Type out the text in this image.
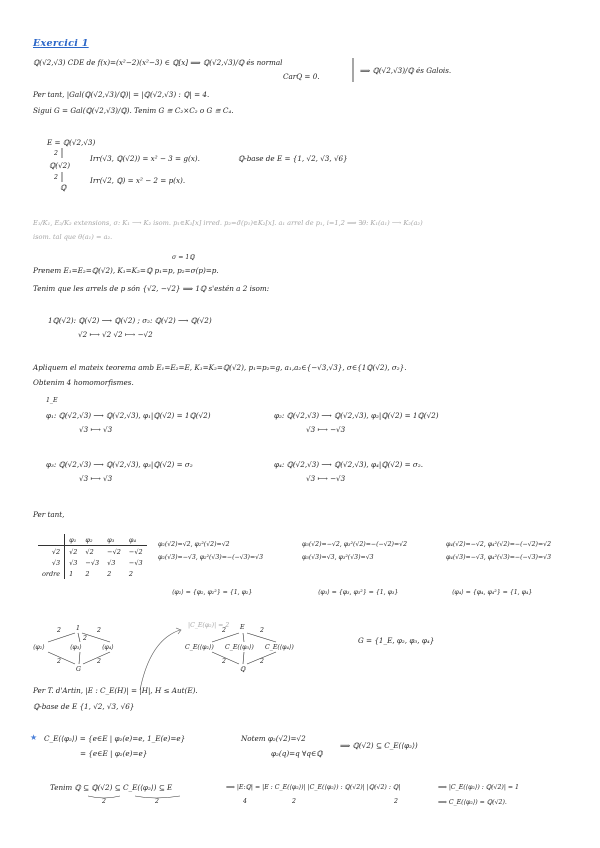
Exercici 1
ℚ(√2,√3) CDE de f(x)=(x²−2)(x²−3) ∈ ℚ[x] ⟹ ℚ(√2,√3)/ℚ és normal
CarQ = 0.
⟹ ℚ(√2,√3)/ℚ és Galois.
Per tant, |Gal(ℚ(√2,√3)/ℚ)| = |ℚ(√2,√3) : ℚ| = 4.
Sigui G = Gal(ℚ(√2,√3)/ℚ). Tenim G ≅ C₂×C₂ o G ≅ C₄.
E = ℚ(√2,√3)
2
Irr(√3, ℚ(√2)) = x² − 3 = g(x).
ℚ(√2)
2	Irr(√2, ℚ) = x² − 2 = p(x).
ℚ
ℚ-base de E = {1, √2, √3, √6}
E₁/K₁, E₂/K₂ extensions, σ: K₁ ⟶ K₂ isom. p₁∈K₁[x] irred. p₂=σ̃(p₁)∈K₂[x]. a₁ arrel de p₁, i=1,2 ⟹ ∃θ: K₁(a₁) ⟶ K₂(a₂)
isom. tal que θ(a₁) = a₂.
σ = 1ℚ
Prenem E₁=E₂=ℚ(√2), K₁=K₂=ℚ p₁=p, p₂=σ(p)=p.
Tenim que les arrels de p són {√2, −√2} ⟹ 1ℚ s'estén a 2 isom:
1ℚ(√2): ℚ(√2) ⟶ ℚ(√2) ; σ₂: ℚ(√2) ⟶ ℚ(√2)
√2 ⟼ √2 √2 ⟼ −√2
Apliquem el mateix teorema amb E₁=E₂=E, K₁=K₂=ℚ(√2), p₁=p₂=g, a₁,a₂∈{−√3,√3}, σ∈{1ℚ(√2), σ₂}.
Obtenim 4 homomorfismes.
1_E
φ₁: ℚ(√2,√3) ⟶ ℚ(√2,√3), φ₁|ℚ(√2) = 1ℚ(√2)
√3 ⟼ √3
φ₂: ℚ(√2,√3) ⟶ ℚ(√2,√3), φ₂|ℚ(√2) = 1ℚ(√2)
√3 ⟼ −√3
φ₃: ℚ(√2,√3) ⟶ ℚ(√2,√3), φ₃|ℚ(√2) = σ₂
√3 ⟼ √3
φ₄: ℚ(√2,√3) ⟶ ℚ(√2,√3), φ₄|ℚ(√2) = σ₂.
√3 ⟼ −√3
Per tant,
	φ₁	φ₂	φ₃	φ₄
√2	√2	√2	−√2	−√2
√3	√3	−√3	√3	−√3
ordre	1	2	2	2
φ₂(√2)=√2, φ₂²(√2)=√2
φ₂(√3)=−√3, φ₂²(√3)=−(−√3)=√3
φ₃(√2)=−√2, φ₃²(√2)=−(−√2)=√2
φ₃(√3)=√3, φ₃²(√3)=√3
φ₄(√2)=−√2, φ₄²(√2)=−(−√2)=√2
φ₄(√3)=−√3, φ₄²(√3)=−(−√3)=√3
⟨φ₂⟩ = {φ₂, φ₂²} = {1, φ₂}	⟨φ₃⟩ = {φ₃, φ₃²} = {1, φ₃}	⟨φ₄⟩ = {φ₄, φ₄²} = {1, φ₄}
1
⟨φ₂⟩	⟨φ₃⟩	⟨φ₄⟩
G
2	2
2
2	2
|C_E(φ₂)| = 2 E
C_E(⟨φ₂⟩) C_E(⟨φ₃⟩) C_E(⟨φ₄⟩)
ℚ
2	2
2	2
G = {1_E, φ₂, φ₃, φ₄}
Per T. d'Artin, |E : C_E(H)| = |H|, H ≤ Aut(E).
ℚ-base de E {1, √2, √3, √6}
★ C_E(⟨φ₂⟩) = {e∈E | φ₂(e)=e, 1_E(e)=e}
= {e∈E | φ₂(e)=e}
Notem φ₂(√2)=√2
φ₂(q)=q ∀q∈ℚ
⟹ ℚ(√2) ⊆ C_E(⟨φ₂⟩)
Tenim ℚ ⊆ ℚ(√2) ⊆ C_E(⟨φ₂⟩) ⊆ E
2	2
⟹ |E:ℚ| = |E : C_E(⟨φ₂⟩)| |C_E(⟨φ₂⟩) : ℚ(√2)| |ℚ(√2) : ℚ|
4	2	2
⟹ |C_E(⟨φ₂⟩) : ℚ(√2)| = 1
⟹ C_E(⟨φ₂⟩) = ℚ(√2).
